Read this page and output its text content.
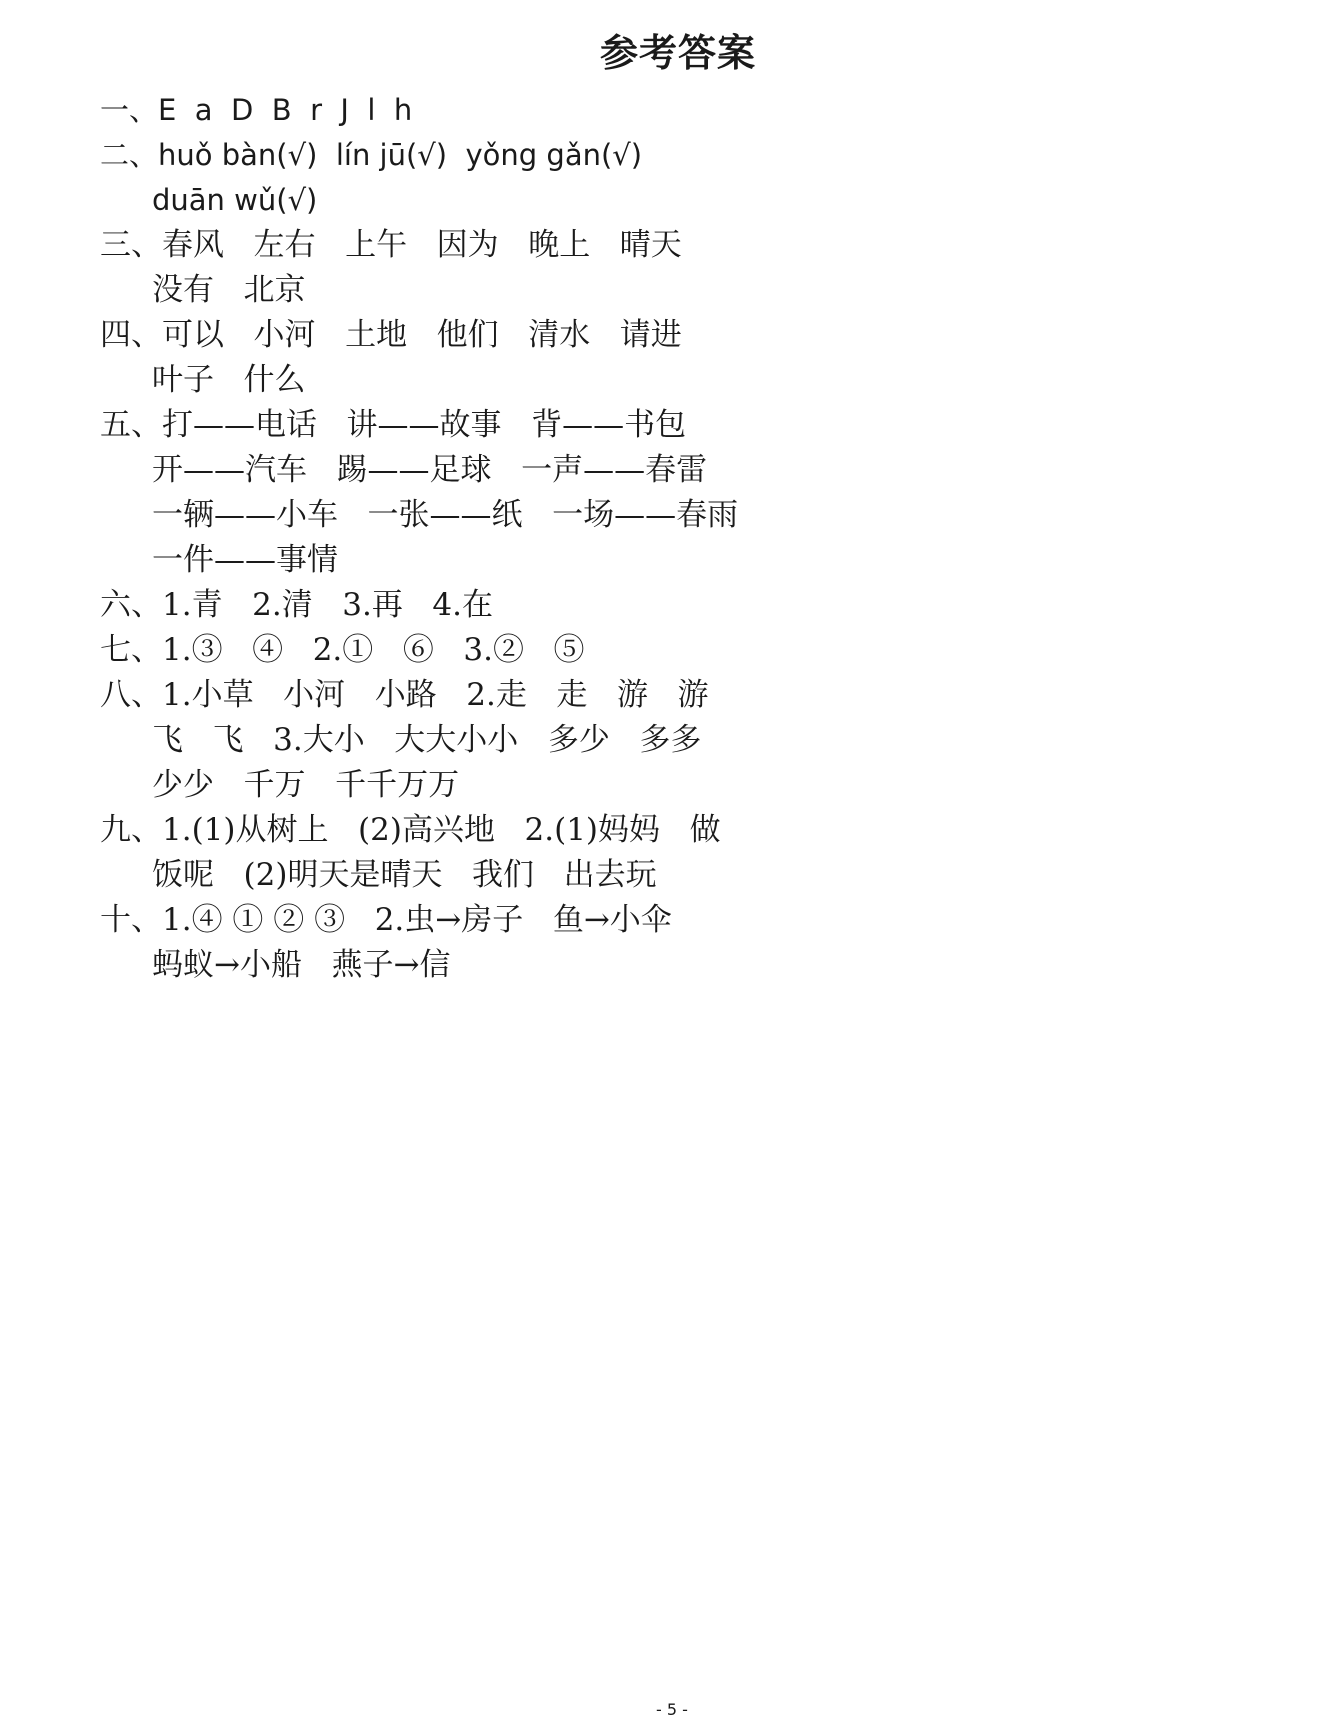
参考答案
一、E  a  D  B  r  J  l  h
二、huǒ bàn(√)  lín jū(√)  yǒng gǎn(√)
duān wǔ(√)
三、春风   左右   上午   因为   晚上   晴天
没有   北京
四、可以   小河   土地   他们   清水   请进
叶子   什么
五、打——电话   讲——故事   背——书包
开——汽车   踢——足球   一声——春雷
一辆——小车   一张——纸   一场——春雨
一件——事情
六、1.青   2.清   3.再   4.在
七、1.③   ④   2.①   ⑥   3.②   ⑤
八、1.小草   小河   小路   2.走   走   游   游
飞   飞   3.大小   大大小小   多少   多多
少少   千万   千千万万
九、1.(1)从树上   (2)高兴地   2.(1)妈妈   做
饭呢   (2)明天是晴天   我们   出去玩
十、1.④ ① ② ③   2.虫→房子   鱼→小伞
蚂蚁→小船   燕子→信
- 5 -
